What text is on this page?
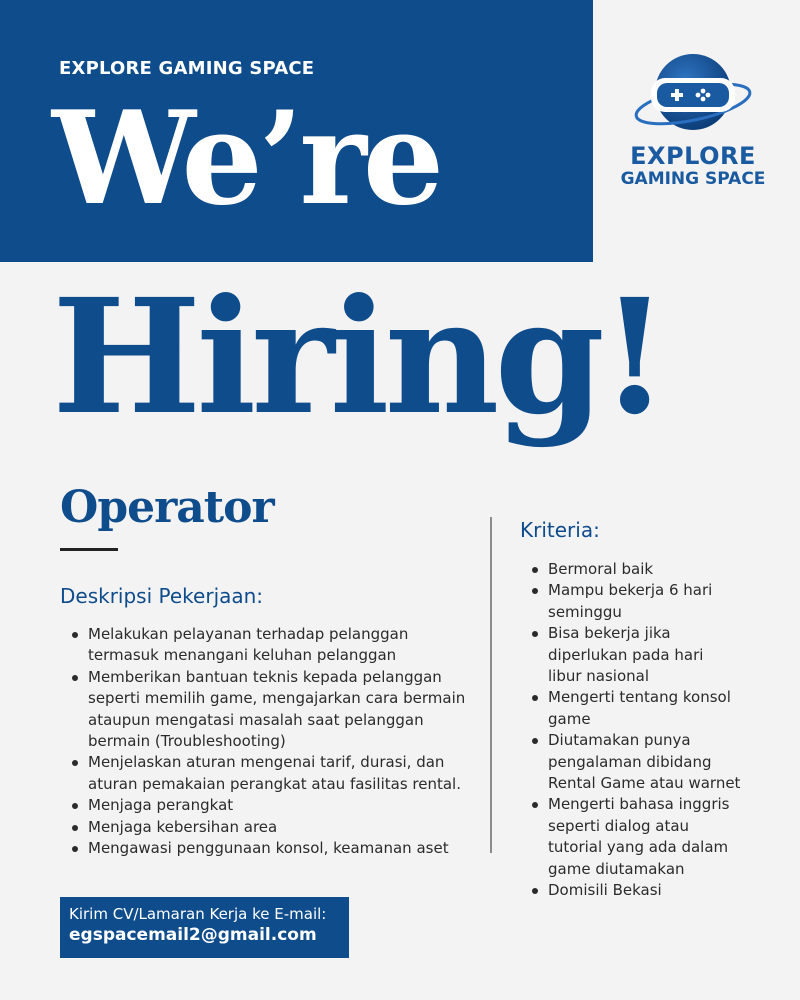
EXPLORE GAMING SPACE
We’re
Hiring!
EXPLORE
GAMING SPACE
Operator
Deskripsi Pekerjaan:
Melakukan pelayanan terhadap pelanggan
termasuk menangani keluhan pelanggan
Memberikan bantuan teknis kepada pelanggan
seperti memilih game, mengajarkan cara bermain
ataupun mengatasi masalah saat pelanggan
bermain (Troubleshooting)
Menjelaskan aturan mengenai tarif, durasi, dan
aturan pemakaian perangkat atau fasilitas rental.
Menjaga perangkat
Menjaga kebersihan area
Mengawasi penggunaan konsol, keamanan aset
Kriteria:
Bermoral baik
Mampu bekerja 6 hari
seminggu
Bisa bekerja jika
diperlukan pada hari
libur nasional
Mengerti tentang konsol
game
Diutamakan punya
pengalaman dibidang
Rental Game atau warnet
Mengerti bahasa inggris
seperti dialog atau
tutorial yang ada dalam
game diutamakan
Domisili Bekasi
Kirim CV/Lamaran Kerja ke E-mail:
egspacemail2@gmail.com
